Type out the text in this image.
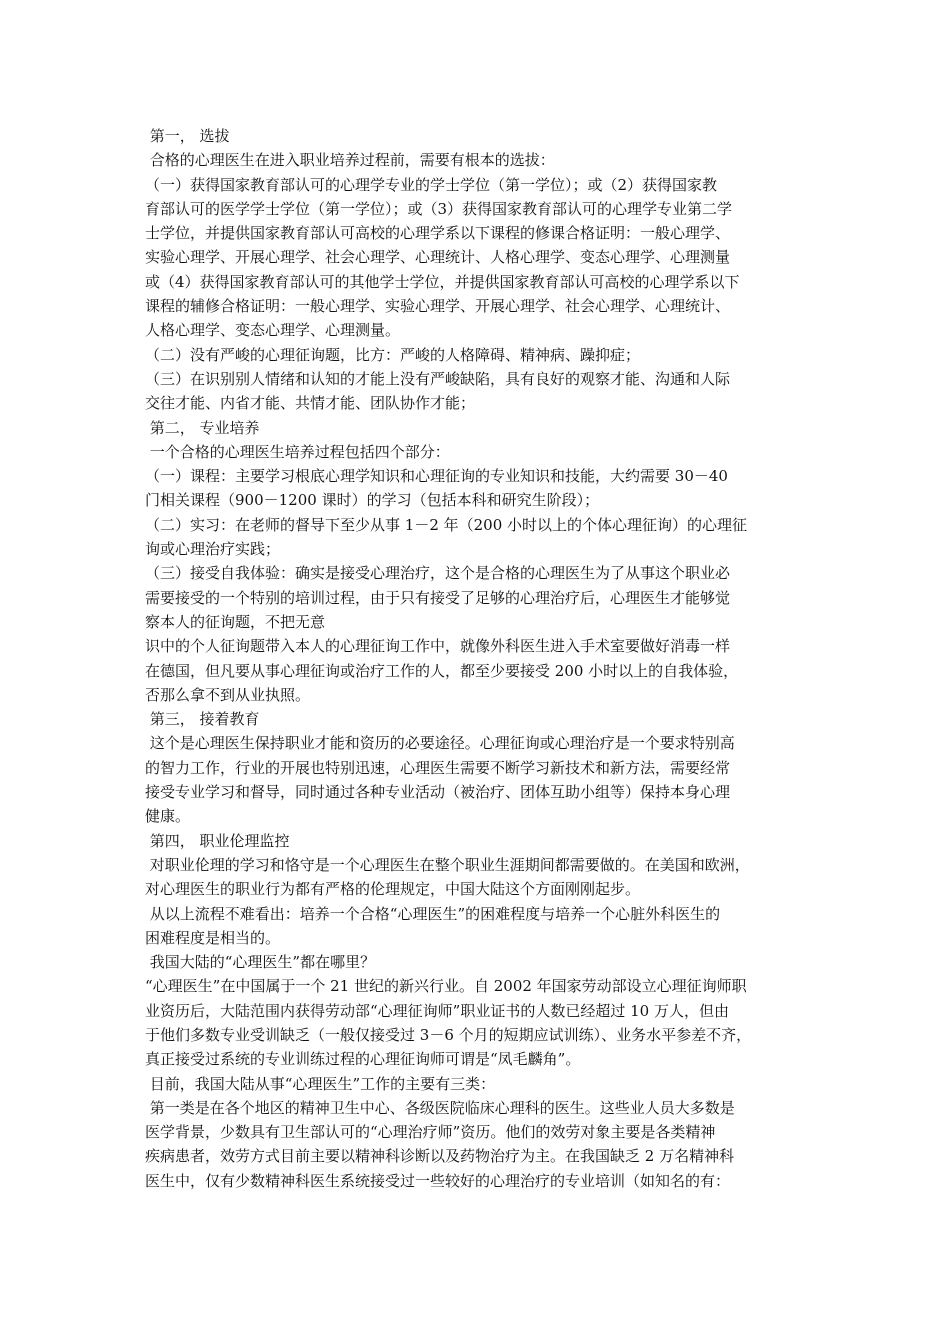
第一， 选拔
合格的心理医生在进入职业培养过程前，需要有根本的选拔：
（一）获得国家教育部认可的心理学专业的学士学位（第一学位）；或（2）获得国家教
育部认可的医学学士学位（第一学位）；或（3）获得国家教育部认可的心理学专业第二学
士学位，并提供国家教育部认可高校的心理学系以下课程的修课合格证明：一般心理学、
实验心理学、开展心理学、社会心理学、心理统计、人格心理学、变态心理学、心理测量
或（4）获得国家教育部认可的其他学士学位，并提供国家教育部认可高校的心理学系以下
课程的辅修合格证明：一般心理学、实验心理学、开展心理学、社会心理学、心理统计、
人格心理学、变态心理学、心理测量。
（二）没有严峻的心理征询题，比方：严峻的人格障碍、精神病、躁抑症；
（三）在识别别人情绪和认知的才能上没有严峻缺陷，具有良好的观察才能、沟通和人际
交往才能、内省才能、共情才能、团队协作才能；
第二， 专业培养
一个合格的心理医生培养过程包括四个部分：
（一）课程：主要学习根底心理学知识和心理征询的专业知识和技能，大约需要 30－40
门相关课程（900－1200 课时）的学习（包括本科和研究生阶段）；
（二）实习：在老师的督导下至少从事 1－2 年（200 小时以上的个体心理征询）的心理征
询或心理治疗实践；
（三）接受自我体验：确实是接受心理治疗，这个是合格的心理医生为了从事这个职业必
需要接受的一个特别的培训过程，由于只有接受了足够的心理治疗后，心理医生才能够觉
察本人的征询题，不把无意
识中的个人征询题带入本人的心理征询工作中，就像外科医生进入手术室要做好消毒一样
在德国，但凡要从事心理征询或治疗工作的人，都至少要接受 200 小时以上的自我体验，
否那么拿不到从业执照。
第三， 接着教育
这个是心理医生保持职业才能和资历的必要途径。心理征询或心理治疗是一个要求特别高
的智力工作，行业的开展也特别迅速，心理医生需要不断学习新技术和新方法，需要经常
接受专业学习和督导，同时通过各种专业活动（被治疗、团体互助小组等）保持本身心理
健康。
第四， 职业伦理监控
对职业伦理的学习和恪守是一个心理医生在整个职业生涯期间都需要做的。在美国和欧洲，
对心理医生的职业行为都有严格的伦理规定，中国大陆这个方面刚刚起步。
从以上流程不难看出：培养一个合格“心理医生”的困难程度与培养一个心脏外科医生的
困难程度是相当的。
我国大陆的“心理医生”都在哪里？
“心理医生”在中国属于一个 21 世纪的新兴行业。自 2002 年国家劳动部设立心理征询师职
业资历后，大陆范围内获得劳动部“心理征询师”职业证书的人数已经超过 10 万人，但由
于他们多数专业受训缺乏（一般仅接受过 3－6 个月的短期应试训练）、业务水平参差不齐，
真正接受过系统的专业训练过程的心理征询师可谓是“凤毛麟角”。
目前，我国大陆从事“心理医生”工作的主要有三类：
第一类是在各个地区的精神卫生中心、各级医院临床心理科的医生。这些业人员大多数是
医学背景，少数具有卫生部认可的“心理治疗师”资历。他们的效劳对象主要是各类精神
疾病患者，效劳方式目前主要以精神科诊断以及药物治疗为主。在我国缺乏 2 万名精神科
医生中，仅有少数精神科医生系统接受过一些较好的心理治疗的专业培训（如知名的有：
